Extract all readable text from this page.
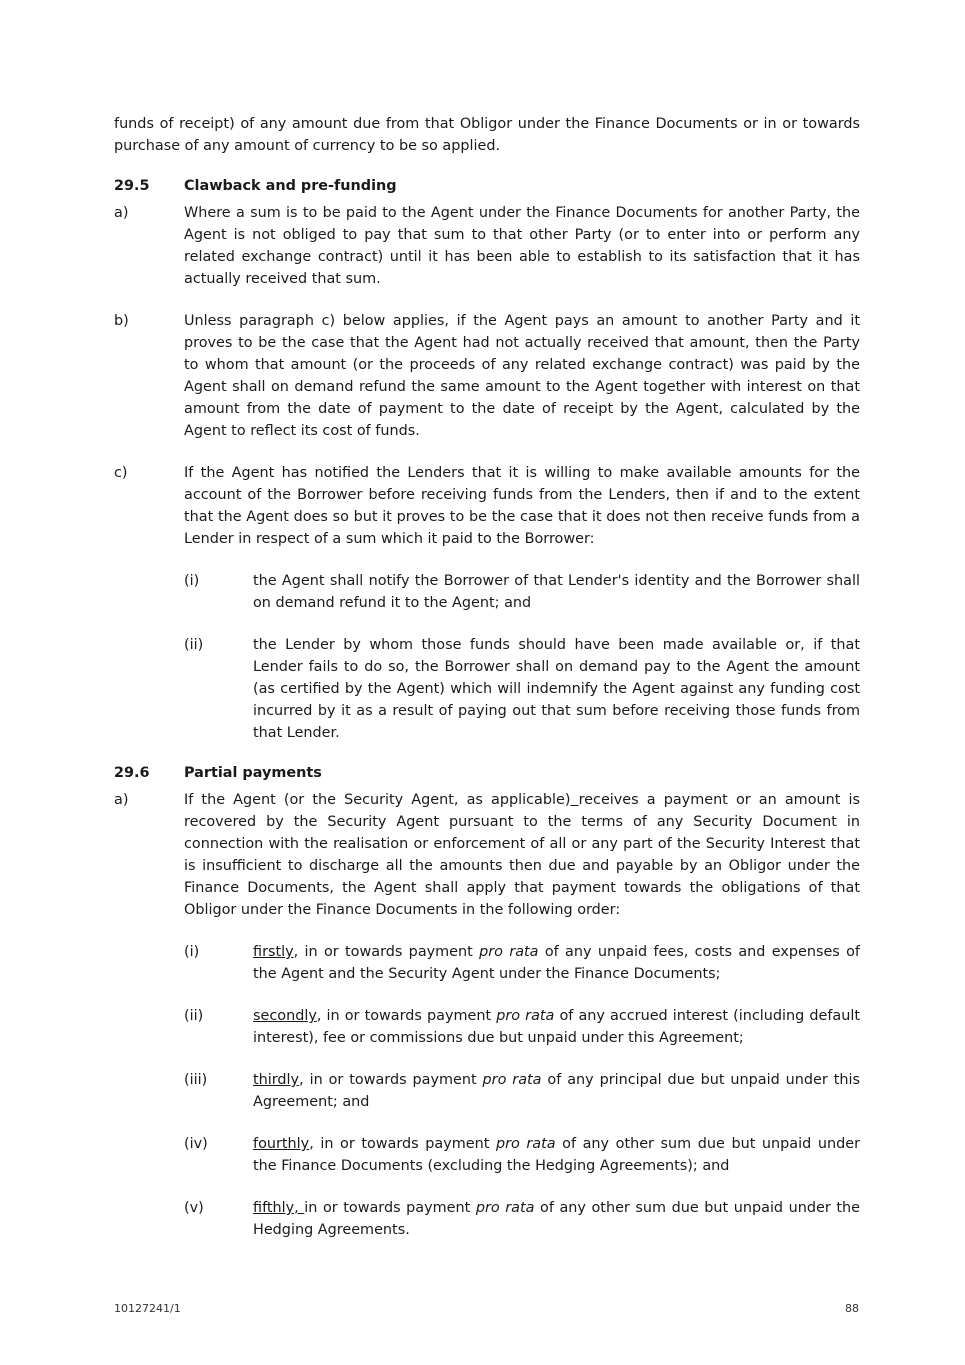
funds of receipt) of any amount due from that Obligor under the Finance Documents or in or towards purchase of any amount of currency to be so applied.

29.5	Clawback and pre-funding
a)	Where a sum is to be paid to the Agent under the Finance Documents for another Party, the Agent is not obliged to pay that sum to that other Party (or to enter into or perform any related exchange contract) until it has been able to establish to its satisfaction that it has actually received that sum.

b)	Unless paragraph c) below applies, if the Agent pays an amount to another Party and it proves to be the case that the Agent had not actually received that amount, then the Party to whom that amount (or the proceeds of any related exchange contract) was paid by the Agent shall on demand refund the same amount to the Agent together with interest on that amount from the date of payment to the date of receipt by the Agent, calculated by the Agent to reflect its cost of funds.

c)	If the Agent has notified the Lenders that it is willing to make available amounts for the account of the Borrower before receiving funds from the Lenders, then if and to the extent that the Agent does so but it proves to be the case that it does not then receive funds from a Lender in respect of a sum which it paid to the Borrower:

(i)	the Agent shall notify the Borrower of that Lender's identity and the Borrower shall on demand refund it to the Agent; and

(ii)	the Lender by whom those funds should have been made available or, if that Lender fails to do so, the Borrower shall on demand pay to the Agent the amount (as certified by the Agent) which will indemnify the Agent against any funding cost incurred by it as a result of paying out that sum before receiving those funds from that Lender.

29.6	Partial payments
a)	If the Agent (or the Security Agent, as applicable) receives a payment or an amount is recovered by the Security Agent pursuant to the terms of any Security Document in connection with the realisation or enforcement of all or any part of the Security Interest that is insufficient to discharge all the amounts then due and payable by an Obligor under the Finance Documents, the Agent shall apply that payment towards the obligations of that Obligor under the Finance Documents in the following order:

(i)	firstly, in or towards payment pro rata of any unpaid fees, costs and expenses of the Agent and the Security Agent under the Finance Documents;

(ii)	secondly, in or towards payment pro rata of any accrued interest (including default interest), fee or commissions due but unpaid under this Agreement;

(iii)	thirdly, in or towards payment pro rata of any principal due but unpaid under this Agreement; and

(iv)	fourthly, in or towards payment pro rata of any other sum due but unpaid under the Finance Documents (excluding the Hedging Agreements); and

(v)	fifthly, in or towards payment pro rata of any other sum due but unpaid under the Hedging Agreements.

10127241/1	88
